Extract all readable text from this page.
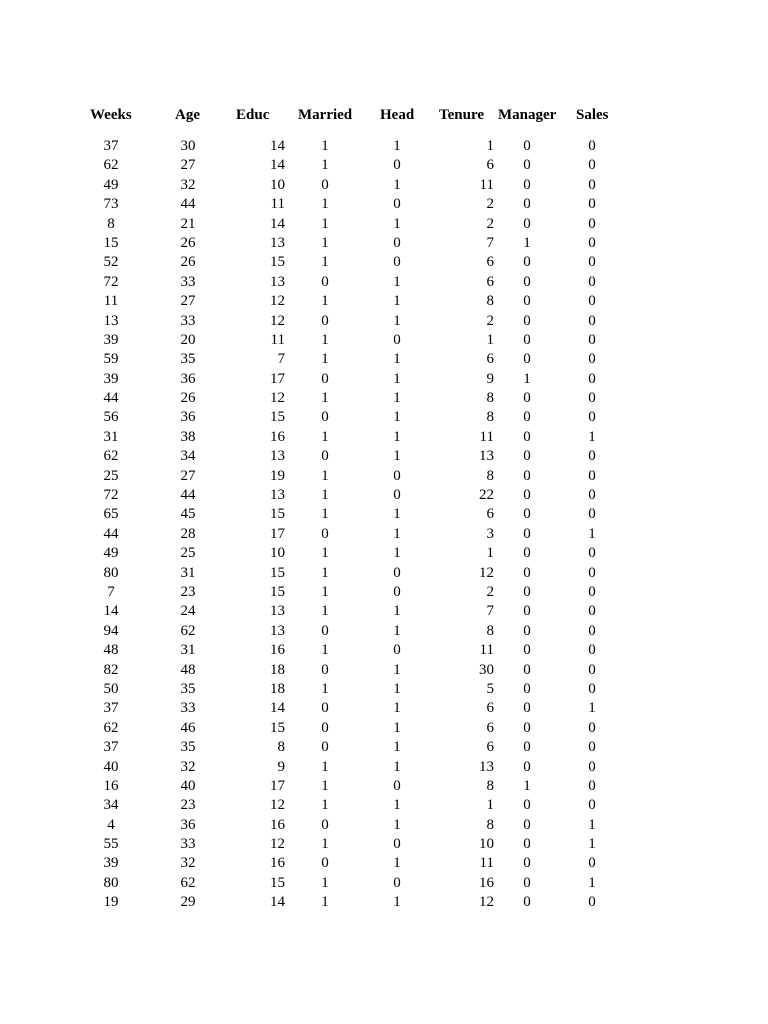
Weeks	Age Educ Married Head Tenure Manager Sales
37	30	14	1	1	1	0	0
62	27	14	1	0	6	0	0
49	32	10	0	1	11	0	0
73	44	11	1	0	2	0	0
8	21	14	1	1	2	0	0
15	26	13	1	0	7	1	0
52	26	15	1	0	6	0	0
72	33	13	0	1	6	0	0
11	27	12	1	1	8	0	0
13	33	12	0	1	2	0	0
39	20	11	1	0	1	0	0
59	35	7	1	1	6	0	0
39	36	17	0	1	9	1	0
44	26	12	1	1	8	0	0
56	36	15	0	1	8	0	0
31	38	16	1	1	11	0	1
62	34	13	0	1	13	0	0
25	27	19	1	0	8	0	0
72	44	13	1	0	22	0	0
65	45	15	1	1	6	0	0
44	28	17	0	1	3	0	1
49	25	10	1	1	1	0	0
80	31	15	1	0	12	0	0
7	23	15	1	0	2	0	0
14	24	13	1	1	7	0	0
94	62	13	0	1	8	0	0
48	31	16	1	0	11	0	0
82	48	18	0	1	30	0	0
50	35	18	1	1	5	0	0
37	33	14	0	1	6	0	1
62	46	15	0	1	6	0	0
37	35	8	0	1	6	0	0
40	32	9	1	1	13	0	0
16	40	17	1	0	8	1	0
34	23	12	1	1	1	0	0
4	36	16	0	1	8	0	1
55	33	12	1	0	10	0	1
39	32	16	0	1	11	0	0
80	62	15	1	0	16	0	1
19	29	14	1	1	12	0	0
